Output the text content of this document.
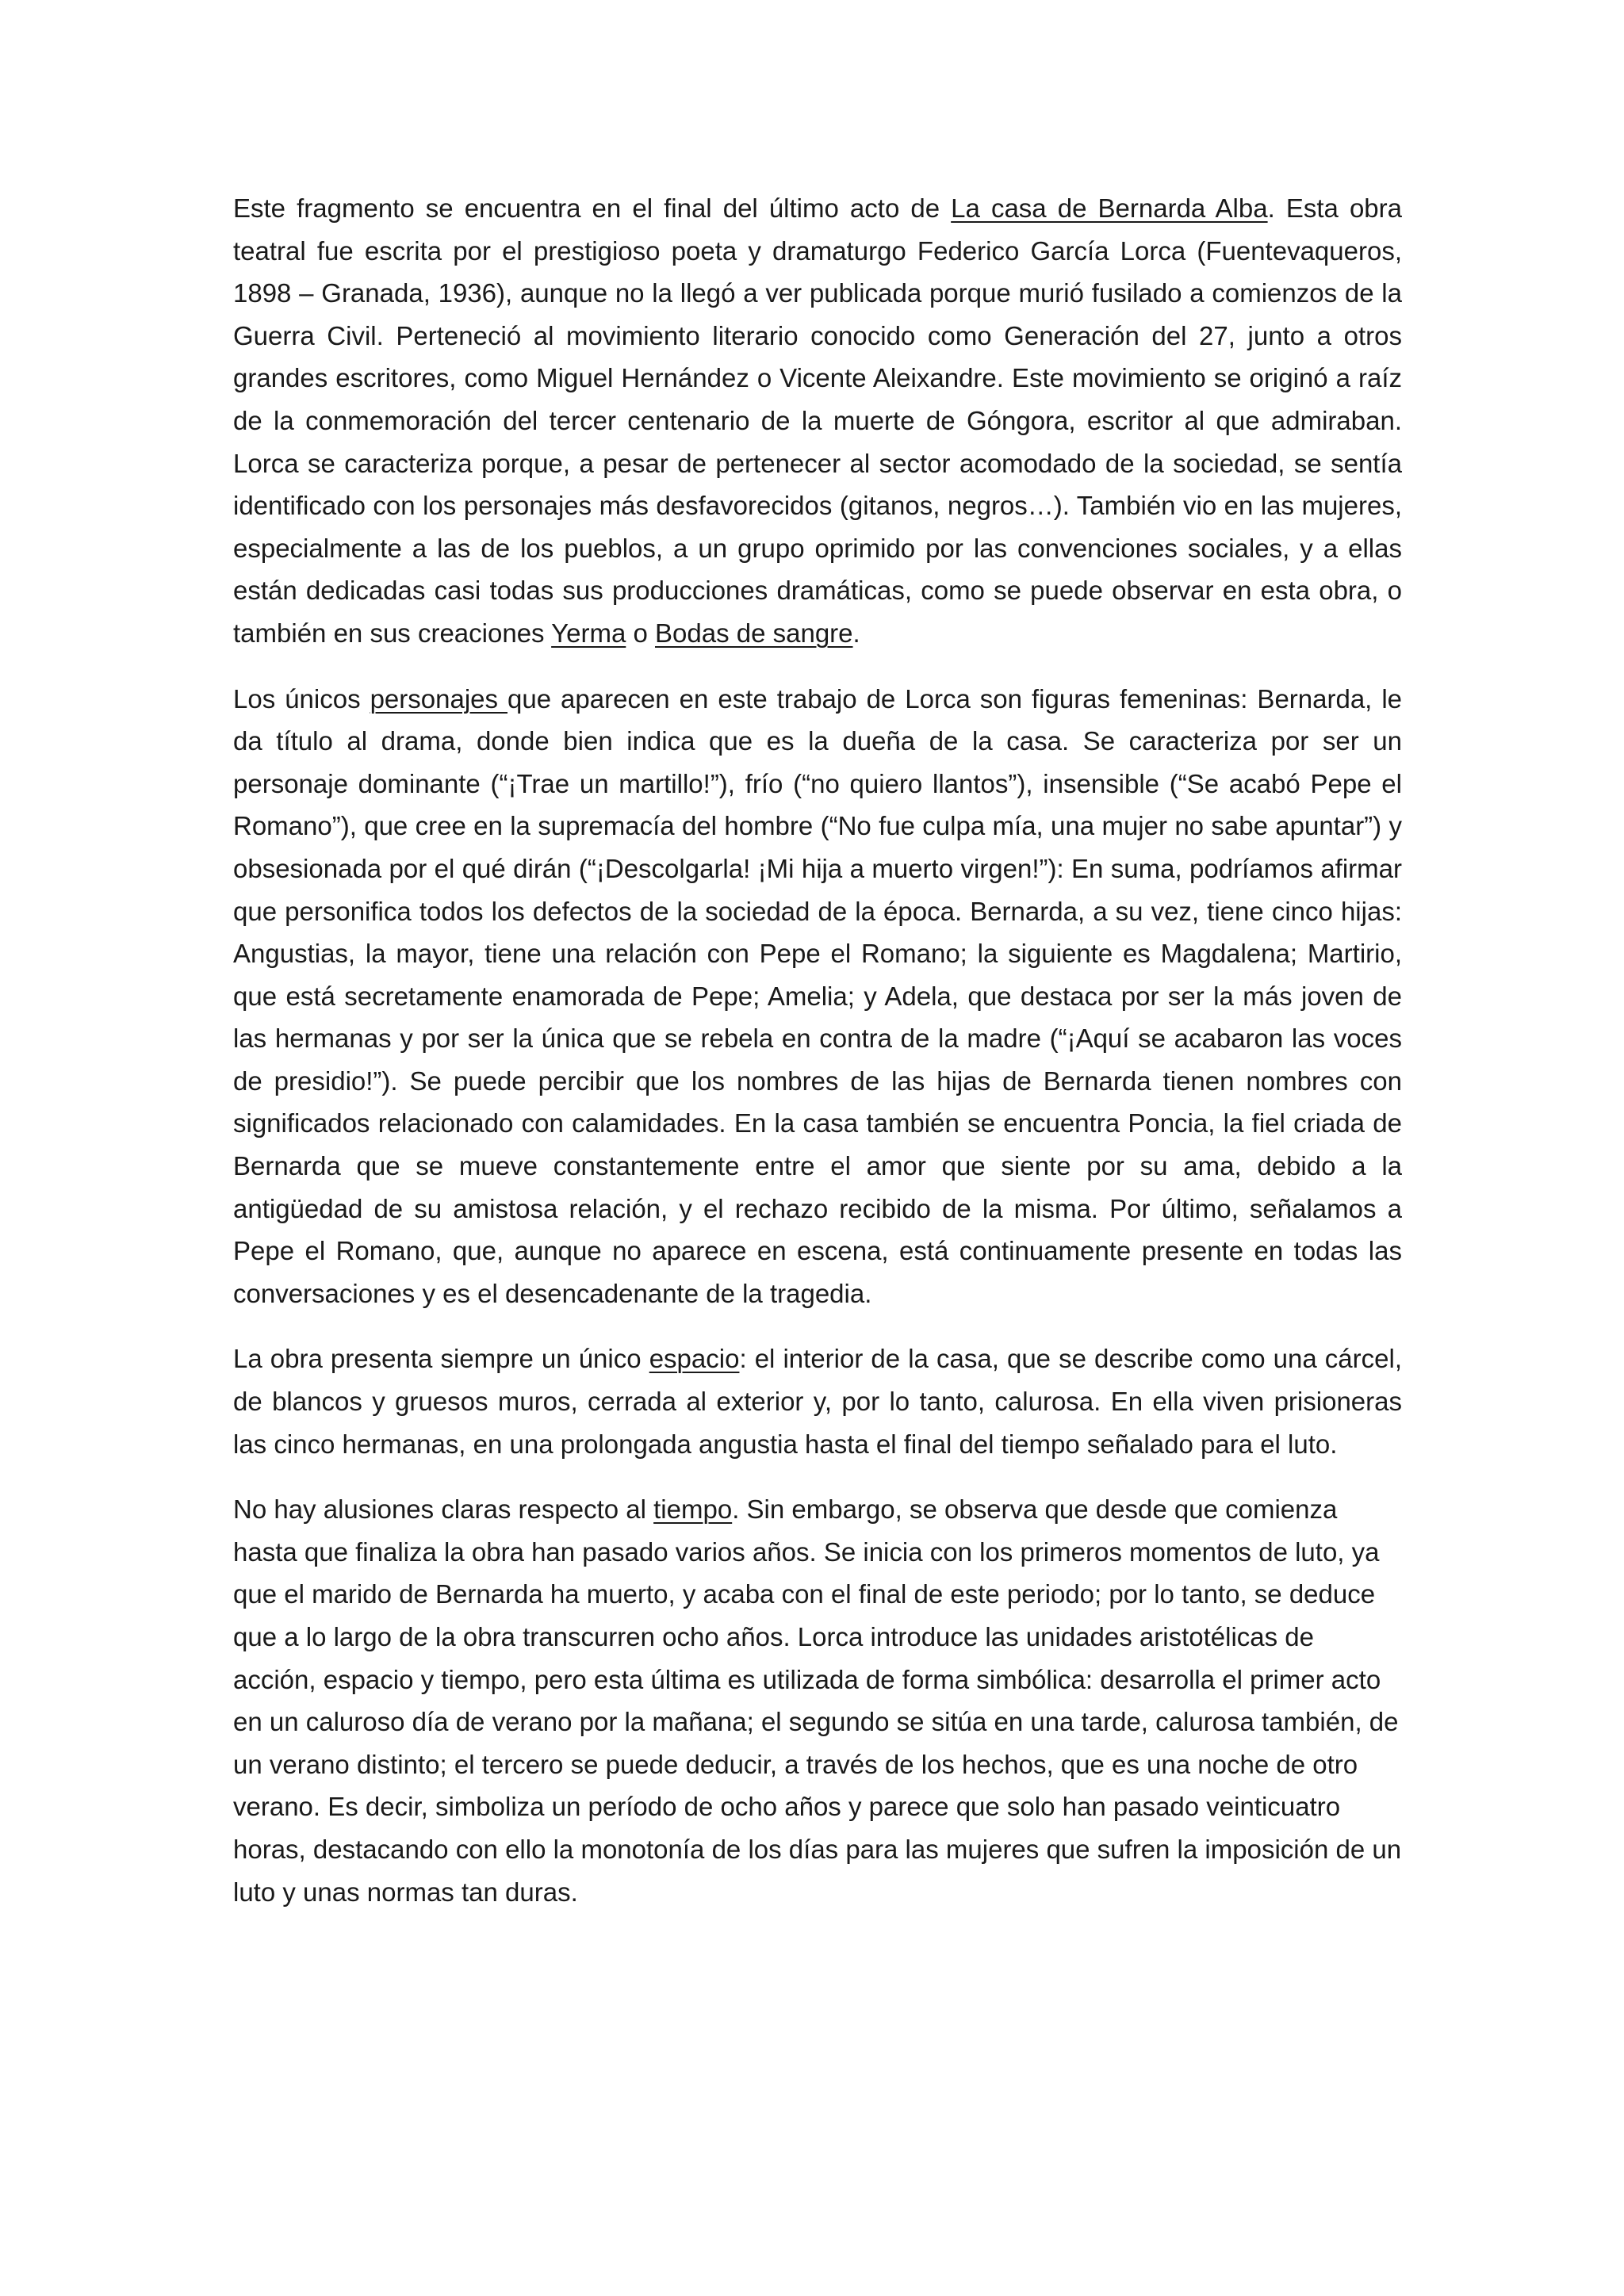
Este fragmento se encuentra en el final del último acto de La casa de Bernarda Alba. Esta obra teatral fue escrita por el prestigioso poeta y dramaturgo Federico García Lorca (Fuentevaqueros, 1898 – Granada, 1936), aunque no la llegó a ver publicada porque murió fusilado a comienzos de la Guerra Civil. Perteneció al movimiento literario conocido como Generación del 27, junto a otros grandes escritores, como Miguel Hernández o Vicente Aleixandre. Este movimiento se originó a raíz de la conmemoración del tercer centenario de la muerte de Góngora, escritor al que admiraban. Lorca se caracteriza porque, a pesar de pertenecer al sector acomodado de la sociedad, se sentía identificado con los personajes más desfavorecidos (gitanos, negros…). También vio en las mujeres, especialmente a las de los pueblos, a un grupo oprimido por las convenciones sociales, y a ellas están dedicadas casi todas sus producciones dramáticas, como se puede observar en esta obra, o también en sus creaciones Yerma o Bodas de sangre.

Los únicos personajes que aparecen en este trabajo de Lorca son figuras femeninas: Bernarda, le da título al drama, donde bien indica que es la dueña de la casa. Se caracteriza por ser un personaje dominante (“¡Trae un martillo!”), frío (“no quiero llantos”), insensible (“Se acabó Pepe el Romano”), que cree en la supremacía del hombre (“No fue culpa mía, una mujer no sabe apuntar”) y obsesionada por el qué dirán (“¡Descolgarla! ¡Mi hija a muerto virgen!”): En suma, podríamos afirmar que personifica todos los defectos de la sociedad de la época. Bernarda, a su vez, tiene cinco hijas: Angustias, la mayor, tiene una relación con Pepe el Romano; la siguiente es Magdalena; Martirio, que está secretamente enamorada de Pepe; Amelia; y Adela, que destaca por ser la más joven de las hermanas y por ser la única que se rebela en contra de la madre (“¡Aquí se acabaron las voces de presidio!”). Se puede percibir que los nombres de las hijas de Bernarda tienen nombres con significados relacionado con calamidades. En la casa también se encuentra Poncia, la fiel criada de Bernarda que se mueve constantemente entre el amor que siente por su ama, debido a la antigüedad de su amistosa relación, y el rechazo recibido de la misma. Por último, señalamos a Pepe el Romano, que, aunque no aparece en escena, está continuamente presente en todas las conversaciones y es el desencadenante de la tragedia.

La obra presenta siempre un único espacio: el interior de la casa, que se describe como una cárcel, de blancos y gruesos muros, cerrada al exterior y, por lo tanto, calurosa. En ella viven prisioneras las cinco hermanas, en una prolongada angustia hasta el final del tiempo señalado para el luto.

No hay alusiones claras respecto al tiempo. Sin embargo, se observa que desde que comienza hasta que finaliza la obra han pasado varios años. Se inicia con los primeros momentos de luto, ya que el marido de Bernarda ha muerto, y acaba con el final de este periodo; por lo tanto, se deduce que a lo largo de la obra transcurren ocho años. Lorca introduce las unidades aristotélicas de acción, espacio y tiempo, pero esta última es utilizada de forma simbólica: desarrolla el primer acto en un caluroso día de verano por la mañana; el segundo se sitúa en una tarde, calurosa también, de un verano distinto; el tercero se puede deducir, a través de los hechos, que es una noche de otro verano. Es decir, simboliza un período de ocho años y parece que solo han pasado veinticuatro horas, destacando con ello la monotonía de los días para las mujeres que sufren la imposición de un luto y unas normas tan duras.
